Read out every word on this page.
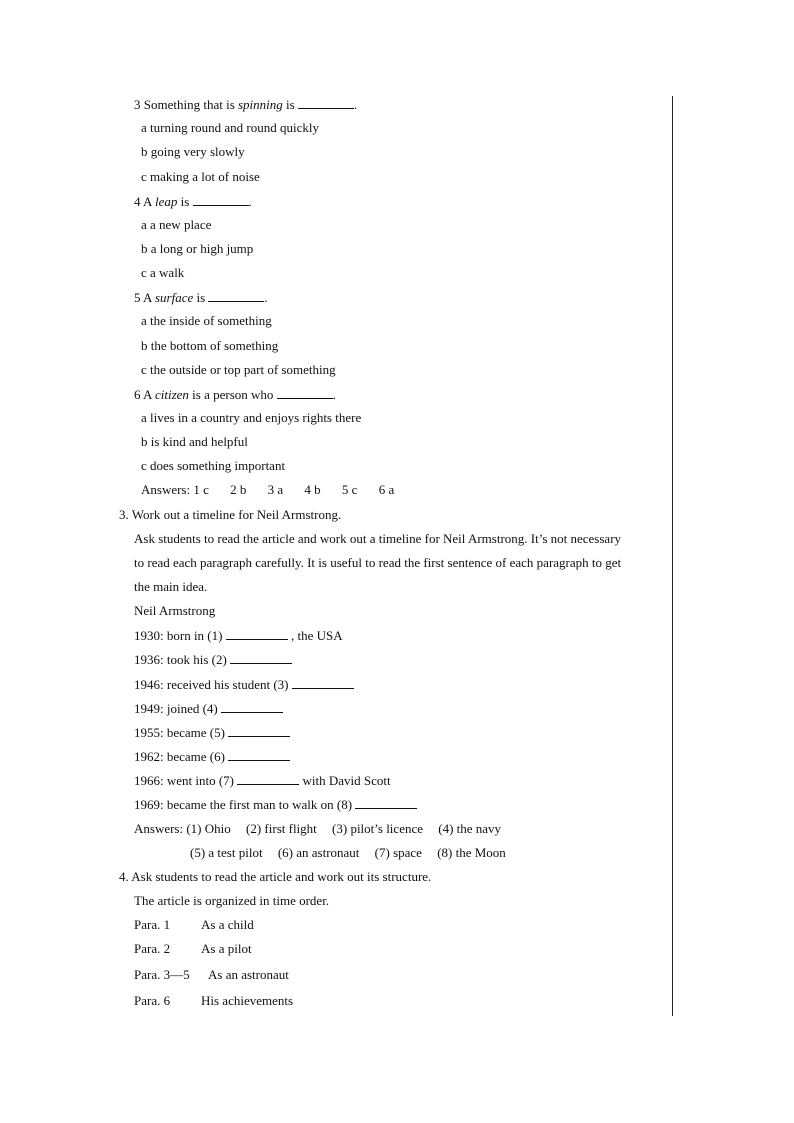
3 Something that is spinning is	.
a turning round and round quickly
b going very slowly
c making a lot of noise
4 A leap is	.
a a new place
b a long or high jump
c a walk
5 A surface is	.
a the inside of something
b the bottom of something
c the outside or top part of something
6 A citizen is a person who	.
a lives in a country and enjoys rights there
b is kind and helpful
c does something important
Answers: 1 c 2 b 3 a 4 b 5 c 6 a
3. Work out a timeline for Neil Armstrong.
Ask students to read the article and work out a timeline for Neil Armstrong. It’s not necessary
to read each paragraph carefully. It is useful to read the first sentence of each paragraph to get
the main idea.
Neil Armstrong
1930: born in (1)	, the USA
1936: took his (2)
1946: received his student (3)
1949: joined (4)
1955: became (5)
1962: became (6)
1966: went into (7)	with David Scott
1969: became the first man to walk on (8)
Answers: (1) Ohio (2) first flight (3) pilot’s licence (4) the navy
(5) a test pilot (6) an astronaut (7) space (8) the Moon
4. Ask students to read the article and work out its structure.
The article is organized in time order.
Para. 1 As a child
Para. 2 As a pilot
Para. 3—5 As an astronaut
Para. 6 His achievements
